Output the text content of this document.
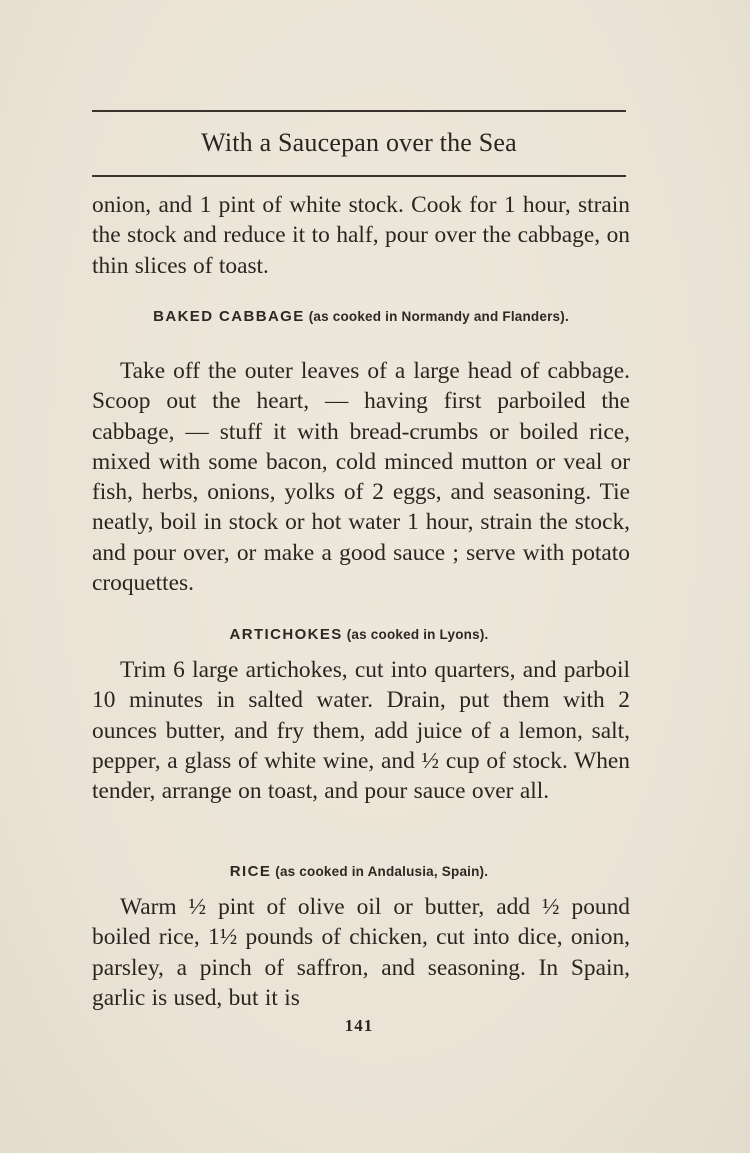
With a Saucepan over the Sea

onion, and 1 pint of white stock. Cook for 1 hour, strain the stock and reduce it to half, pour over the cabbage, on thin slices of toast.

BAKED CABBAGE (as cooked in Normandy and Flanders).

Take off the outer leaves of a large head of cabbage. Scoop out the heart, — having first parboiled the cabbage, — stuff it with bread-crumbs or boiled rice, mixed with some bacon, cold minced mutton or veal or fish, herbs, onions, yolks of 2 eggs, and seasoning. Tie neatly, boil in stock or hot water 1 hour, strain the stock, and pour over, or make a good sauce ; serve with potato croquettes.

ARTICHOKES (as cooked in Lyons).

Trim 6 large artichokes, cut into quarters, and parboil 10 minutes in salted water. Drain, put them with 2 ounces butter, and fry them, add juice of a lemon, salt, pepper, a glass of white wine, and ½ cup of stock. When tender, arrange on toast, and pour sauce over all.

RICE (as cooked in Andalusia, Spain).

Warm ½ pint of olive oil or butter, add ½ pound boiled rice, 1½ pounds of chicken, cut into dice, onion, parsley, a pinch of saffron, and seasoning. In Spain, garlic is used, but it is

141
